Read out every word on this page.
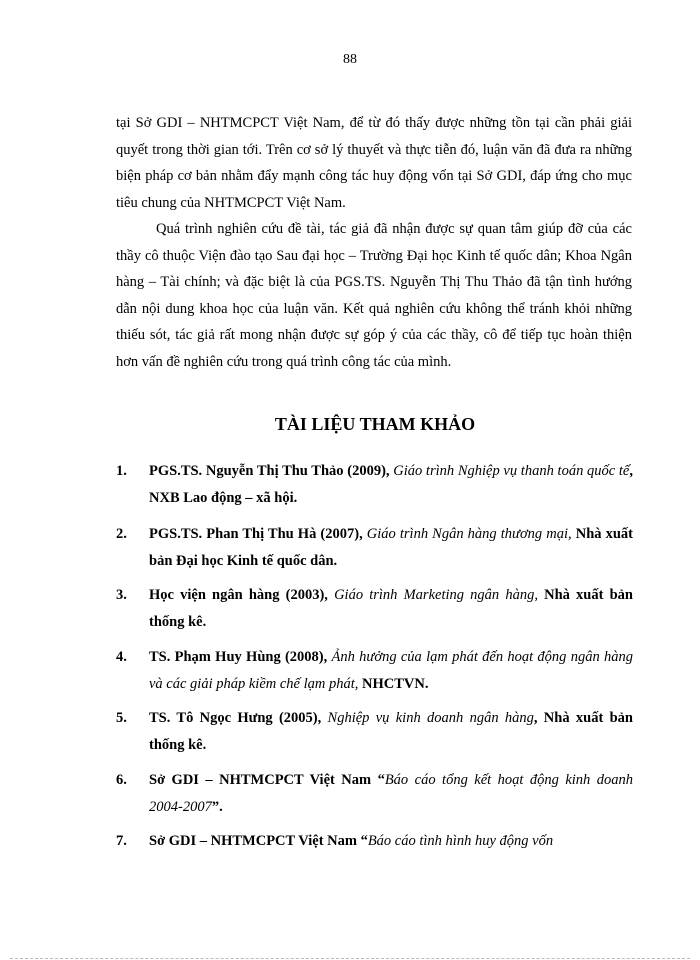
88

tại Sở GDI – NHTMCPCT Việt Nam, để từ đó thấy được những tồn tại cần phải giải quyết trong thời gian tới. Trên cơ sở lý thuyết và thực tiễn đó, luận văn đã đưa ra những biện pháp cơ bản nhằm đẩy mạnh công tác huy động vốn tại Sở GDI, đáp ứng cho mục tiêu chung của NHTMCPCT Việt Nam.

Quá trình nghiên cứu đề tài, tác giả đã nhận được sự quan tâm giúp đỡ của các thầy cô thuộc Viện đào tạo Sau đại học – Trường Đại học Kinh tế quốc dân; Khoa Ngân hàng – Tài chính; và đặc biệt là của PGS.TS. Nguyễn Thị Thu Thảo đã tận tình hướng dẫn nội dung khoa học của luận văn. Kết quả nghiên cứu không thể tránh khỏi những thiếu sót, tác giả rất mong nhận được sự góp ý của các thầy, cô để tiếp tục hoàn thiện hơn vấn đề nghiên cứu trong quá trình công tác của mình.

TÀI LIỆU THAM KHẢO
1. PGS.TS. Nguyễn Thị Thu Thảo (2009), Giáo trình Nghiệp vụ thanh toán quốc tế, NXB Lao động – xã hội.
2. PGS.TS. Phan Thị Thu Hà (2007), Giáo trình Ngân hàng thương mại, Nhà xuất bản Đại học Kinh tế quốc dân.
3. Học viện ngân hàng (2003), Giáo trình Marketing ngân hàng, Nhà xuất bản thống kê.
4. TS. Phạm Huy Hùng (2008), Ảnh hưởng của lạm phát đến hoạt động ngân hàng và các giải pháp kiềm chế lạm phát, NHCTVN.
5. TS. Tô Ngọc Hưng (2005), Nghiệp vụ kinh doanh ngân hàng, Nhà xuất bản thống kê.
6. Sở GDI – NHTMCPCT Việt Nam “Báo cáo tổng kết hoạt động kinh doanh 2004-2007”.
7. Sở GDI – NHTMCPCT Việt Nam “Báo cáo tình hình huy động vốn
